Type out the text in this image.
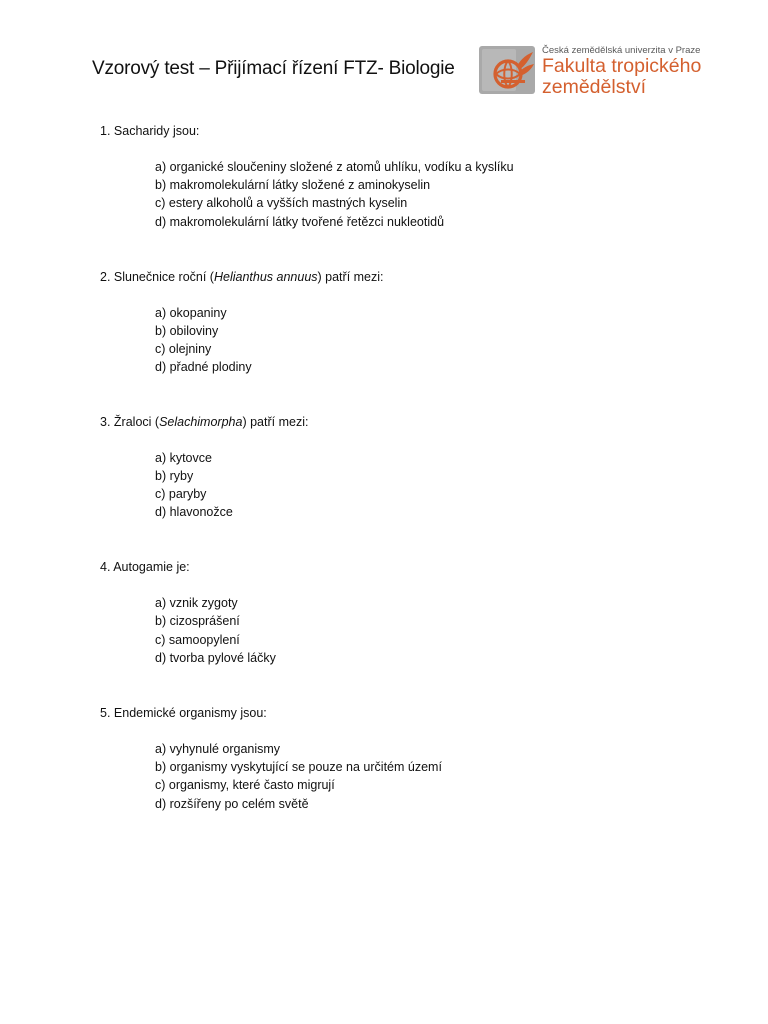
Vzorový test – Přijímací řízení FTZ- Biologie
Česká zemědělská univerzita v Praze
Fakulta tropického
zemědělství
1. Sacharidy jsou:
a) organické sloučeniny složené z atomů uhlíku, vodíku a kyslíku
b) makromolekulární látky složené z aminokyselin
c) estery alkoholů a vyšších mastných kyselin
d) makromolekulární látky tvořené řetězci nukleotidů
2. Slunečnice roční (Helianthus annuus) patří mezi:
a) okopaniny
b) obiloviny
c) olejniny
d) přadné plodiny
3. Žraloci (Selachimorpha) patří mezi:
a) kytovce
b) ryby
c) paryby
d) hlavonožce
4. Autogamie je:
a) vznik zygoty
b) cizosprášení
c) samoopylení
d) tvorba pylové láčky
5. Endemické organismy jsou:
a) vyhynulé organismy
b) organismy vyskytující se pouze na určitém území
c) organismy, které často migrují
d) rozšířeny po celém světě
